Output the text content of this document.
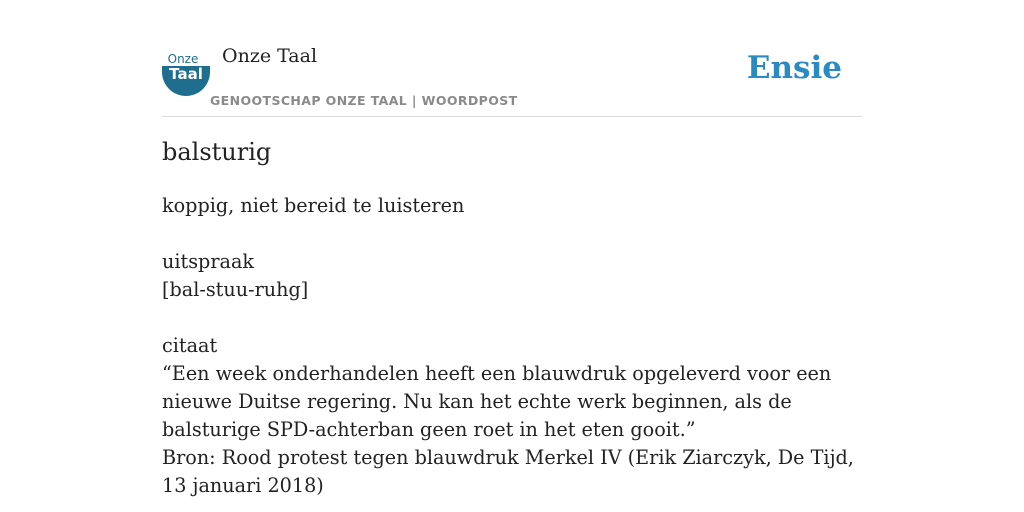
Onze
Taal
Onze Taal
GENOOTSCHAP ONZE TAAL | WOORDPOST
Ensie
balsturig

koppig, niet bereid te luisteren

uitspraak

[bal-stuu-ruhg]

citaat

“Een week onderhandelen heeft een blauwdruk opgeleverd voor een nieuwe Duitse regering. Nu kan het echte werk beginnen, als de balsturige SPD-achterban geen roet in het eten gooit.”

Bron: Rood protest tegen blauwdruk Merkel IV (Erik Ziarczyk, De Tijd, 13 januari 2018)
